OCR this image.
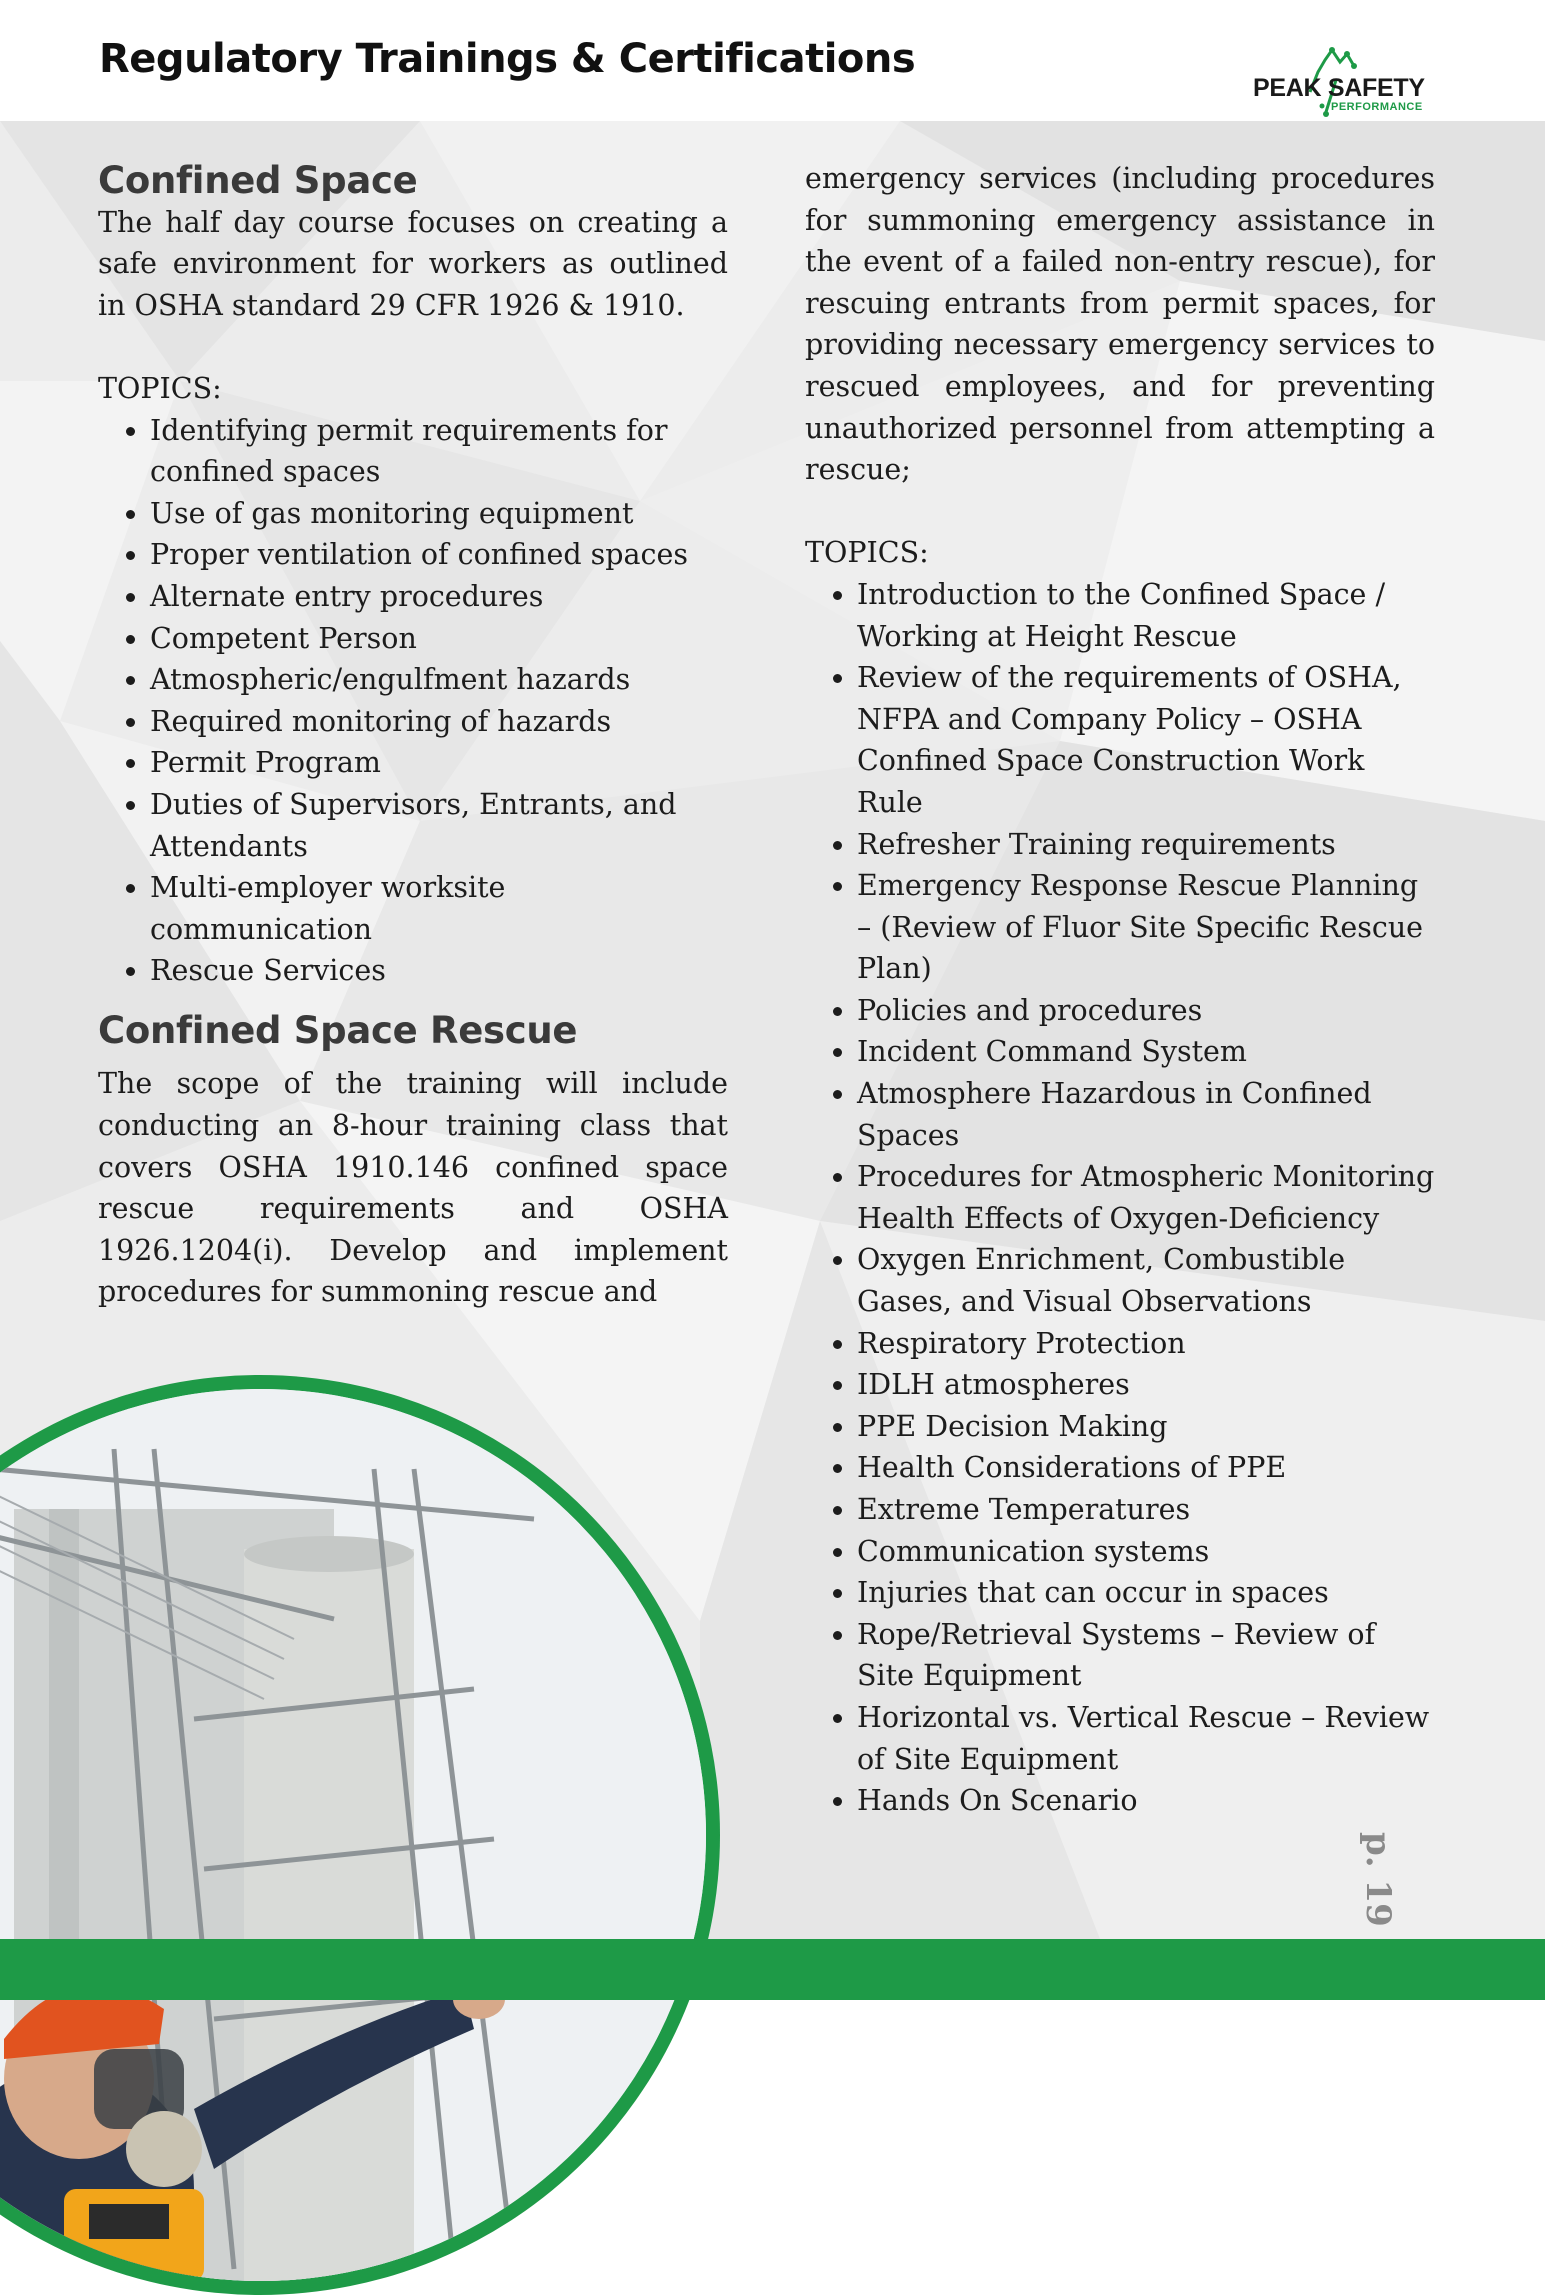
Regulatory Trainings & Certifications
PEAK SAFETY
PERFORMANCE
Confined Space

The half day course focuses on creating a safe environment for workers as outlined in OSHA standard 29 CFR 1926 & 1910.

TOPICS:

• Identifying permit requirements for confined spaces
• Use of gas monitoring equipment
• Proper ventilation of confined spaces
• Alternate entry procedures
• Competent Person
• Atmospheric/engulfment hazards
• Required monitoring of hazards
• Permit Program
• Duties of Supervisors, Entrants, and Attendants
• Multi-employer worksite communication
• Rescue Services
Confined Space Rescue

The scope of the training will include conducting an 8-hour training class that covers OSHA 1910.146 confined space rescue requirements and OSHA 1926.1204(i). Develop and implement procedures for summoning rescue and

emergency services (including procedures for summoning emergency assistance in the event of a failed non-entry rescue), for rescuing entrants from permit spaces, for providing necessary emergency services to rescued employees, and for preventing unauthorized personnel from attempting a rescue;

TOPICS:

• Introduction to the Confined Space / Working at Height Rescue
• Review of the requirements of OSHA, NFPA and Company Policy – OSHA Confined Space Construction Work Rule
• Refresher Training requirements
• Emergency Response Rescue Planning – (Review of Fluor Site Specific Rescue Plan)
• Policies and procedures
• Incident Command System
• Atmosphere Hazardous in Confined Spaces
• Procedures for Atmospheric Monitoring Health Effects of Oxygen-Deficiency
• Oxygen Enrichment, Combustible Gases, and Visual Observations
• Respiratory Protection
• IDLH atmospheres
• PPE Decision Making
• Health Considerations of PPE
• Extreme Temperatures
• Communication systems
• Injuries that can occur in spaces
• Rope/Retrieval Systems – Review of Site Equipment
• Horizontal vs. Vertical Rescue – Review of Site Equipment
• Hands On Scenario
p. 19
